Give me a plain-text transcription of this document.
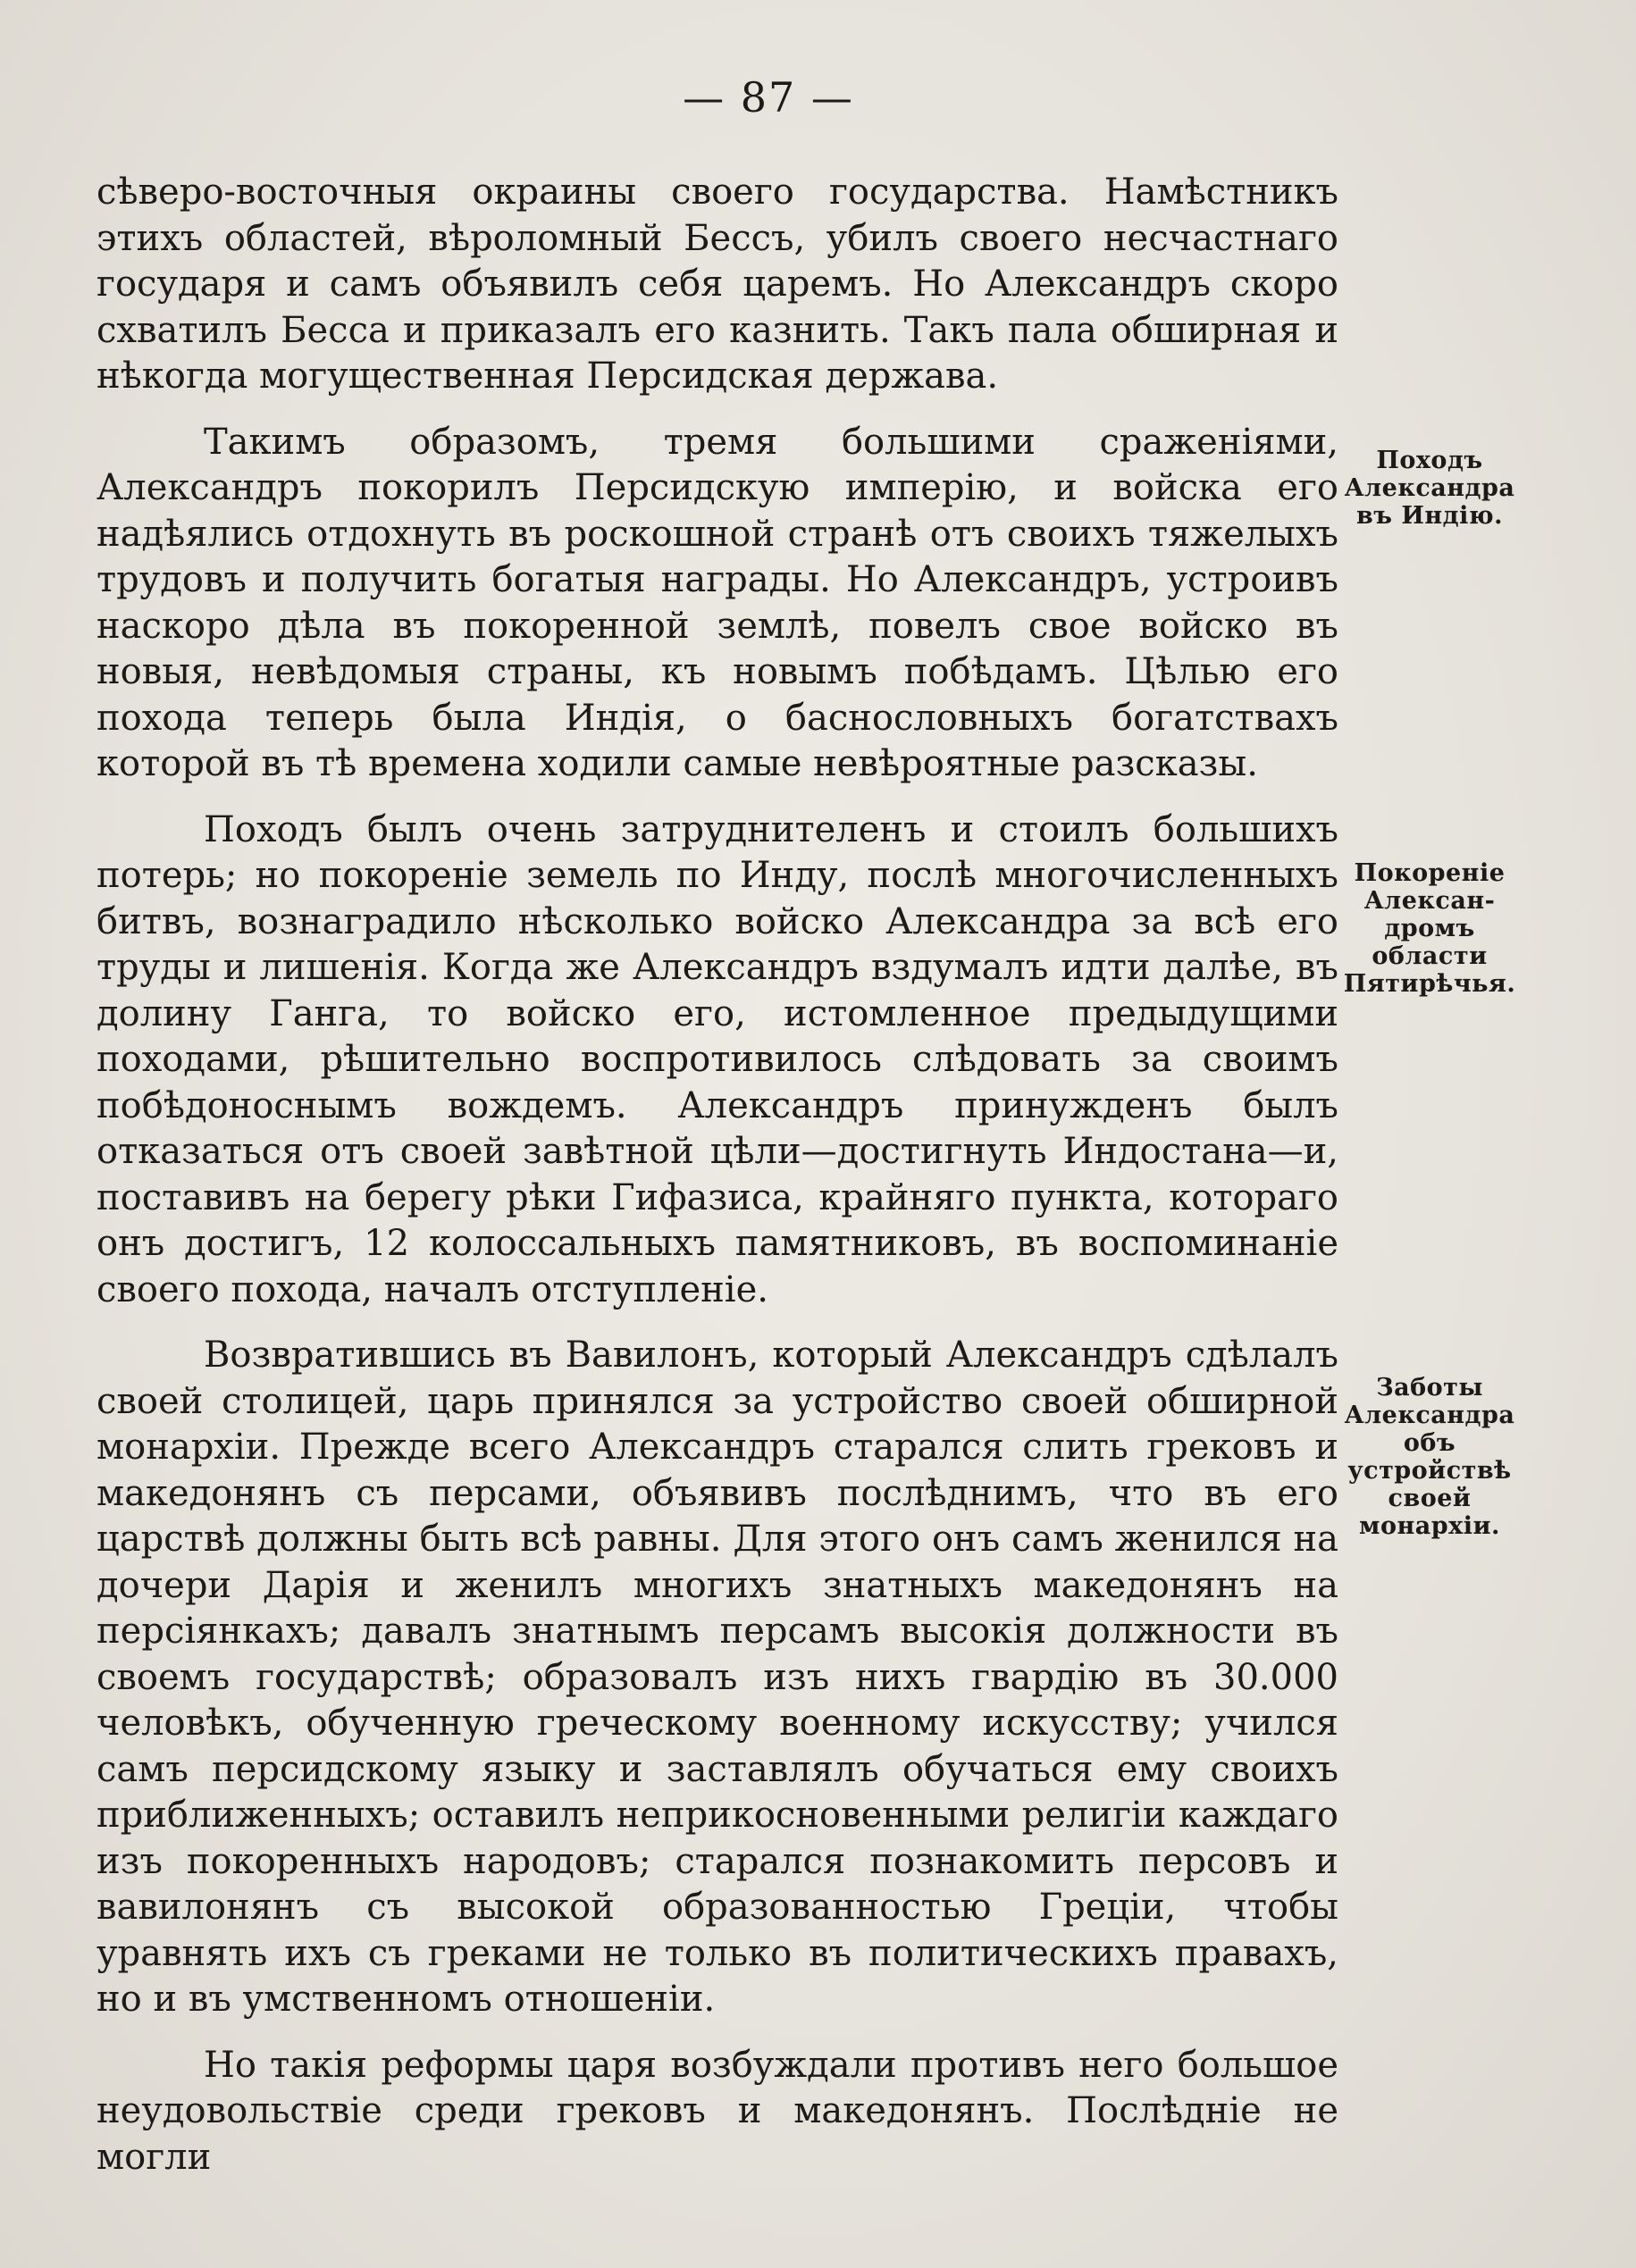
— 87 —

сѣверо-восточныя окраины своего государства. Намѣстникъ этихъ областей, вѣроломный Бессъ, убилъ своего несчастнаго государя и самъ объявилъ себя царемъ. Но Александръ скоро схватилъ Бесса и приказалъ его казнить. Такъ пала обширная и нѣкогда могущественная Персидская держава.

Такимъ образомъ, тремя большими сраженіями, Александръ покорилъ Персидскую имперію, и войска его надѣялись отдохнуть въ роскошной странѣ отъ своихъ тяжелыхъ трудовъ и получить богатыя награды. Но Александръ, устроивъ наскоро дѣла въ покоренной землѣ, повелъ свое войско въ новыя, невѣдомыя страны, къ новымъ побѣдамъ. Цѣлью его похода теперь была Индія, о баснословныхъ богатствахъ которой въ тѣ времена ходили самые невѣроятные разсказы.

Походъ былъ очень затруднителенъ и стоилъ большихъ потерь; но покореніе земель по Инду, послѣ многочисленныхъ битвъ, вознаградило нѣсколько войско Александра за всѣ его труды и лишенія. Когда же Александръ вздумалъ идти далѣе, въ долину Ганга, то войско его, истомленное предыдущими походами, рѣшительно воспротивилось слѣдовать за своимъ побѣдоноснымъ вождемъ. Александръ принужденъ былъ отказаться отъ своей завѣтной цѣли—достигнуть Индостана—и, поставивъ на берегу рѣки Гифазиса, крайняго пункта, котораго онъ достигъ, 12 колоссальныхъ памятниковъ, въ воспоминаніе своего похода, началъ отступленіе.

Возвратившись въ Вавилонъ, который Александръ сдѣлалъ своей столицей, царь принялся за устройство своей обширной монархіи. Прежде всего Александръ старался слить грековъ и македонянъ съ персами, объявивъ послѣднимъ, что въ его царствѣ должны быть всѣ равны. Для этого онъ самъ женился на дочери Дарія и женилъ многихъ знатныхъ македонянъ на персіянкахъ; давалъ знатнымъ персамъ высокія должности въ своемъ государствѣ; образовалъ изъ нихъ гвардію въ 30.000 человѣкъ, обученную греческому военному искусству; учился самъ персидскому языку и заставлялъ обучаться ему своихъ приближенныхъ; оставилъ неприкосновенными религіи каждаго изъ покоренныхъ народовъ; старался познакомить персовъ и вавилонянъ съ высокой образованностью Греціи, чтобы уравнять ихъ съ греками не только въ политическихъ правахъ, но и въ умственномъ отношеніи.

Но такія реформы царя возбуждали противъ него большое неудовольствіе среди грековъ и македонянъ. Послѣдніе не могли

Походъ
Александра
въ Индію.
Покореніе
Алексан-
дромъ
области
Пятирѣчья.
Заботы
Александра
объ
устройствѣ
своей
монархіи.
